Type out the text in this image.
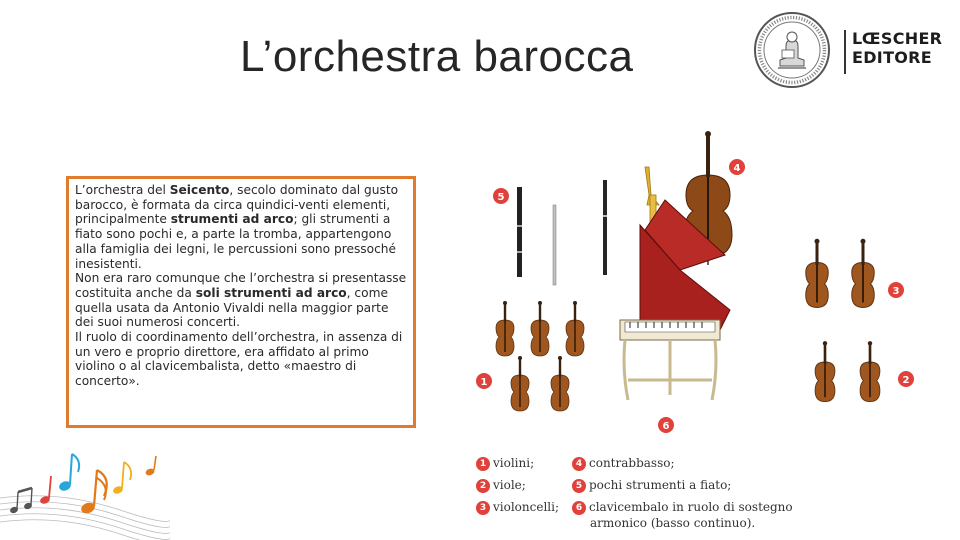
L’orchestra barocca	LŒSCHER
EDITORE

L’orchestra del Seicento, secolo dominato dal gusto barocco, è formata da circa quindici-venti elementi, principalmente strumenti ad arco; gli strumenti a fiato sono pochi e, a parte la tromba, appartengono alla famiglia dei legni, le percussioni sono pressoché inesistenti.

Non era raro comunque che l’orchestra si presentasse costituita anche da soli strumenti ad arco, come quella usata da Antonio Vivaldi nella maggior parte dei suoi numerosi concerti.

Il ruolo di coordinamento dell’orchestra, in assenza di un vero e proprio direttore, era affidato al primo violino o al clavicembalista, detto «maestro di concerto».	1	2
3
4
5
6
1 violini;
2 viole;
3 violoncelli;
4 contrabbasso;
5 pochi strumenti a fiato;
6 clavicembalo in ruolo di sostegno
armonico (basso continuo).
